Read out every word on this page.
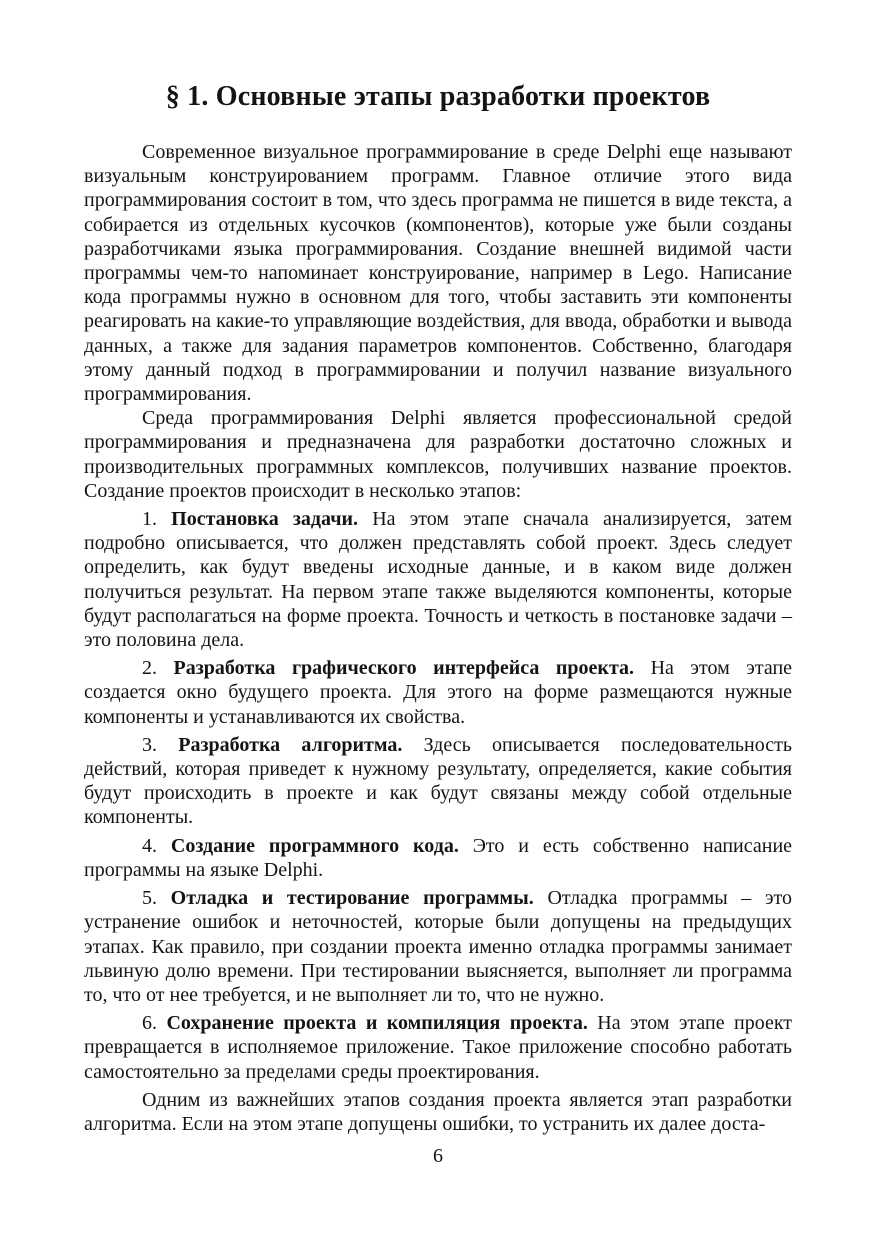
§ 1. Основные этапы разработки проектов

Современное визуальное программирование в среде Delphi еще называют визуальным конструированием программ. Главное отличие этого вида программирования состоит в том, что здесь программа не пишется в виде текста, а собирается из отдельных кусочков (компонентов), которые уже были созданы разработчиками языка программирования. Создание внешней видимой части программы чем-то напоминает конструирование, например в Lego. Написание кода программы нужно в основном для того, чтобы заставить эти компоненты реагировать на какие-то управляющие воздействия, для ввода, обработки и вывода данных, а также для задания параметров компонентов. Собственно, благодаря этому данный подход в программировании и получил название визуального программирования.

Среда программирования Delphi является профессиональной средой программирования и предназначена для разработки достаточно сложных и производительных программных комплексов, получивших название проектов. Создание проектов происходит в несколько этапов:

1. Постановка задачи. На этом этапе сначала анализируется, затем подробно описывается, что должен представлять собой проект. Здесь следует определить, как будут введены исходные данные, и в каком виде должен получиться результат. На первом этапе также выделяются компоненты, которые будут располагаться на форме проекта. Точность и четкость в постановке задачи – это половина дела.

2. Разработка графического интерфейса проекта. На этом этапе создается окно будущего проекта. Для этого на форме размещаются нужные компоненты и устанавливаются их свойства.

3. Разработка алгоритма. Здесь описывается последовательность действий, которая приведет к нужному результату, определяется, какие события будут происходить в проекте и как будут связаны между собой отдельные компоненты.

4. Создание программного кода. Это и есть собственно написание программы на языке Delphi.

5. Отладка и тестирование программы. Отладка программы – это устранение ошибок и неточностей, которые были допущены на предыдущих этапах. Как правило, при создании проекта именно отладка программы занимает львиную долю времени. При тестировании выясняется, выполняет ли программа то, что от нее требуется, и не выполняет ли то, что не нужно.

6. Сохранение проекта и компиляция проекта. На этом этапе проект превращается в исполняемое приложение. Такое приложение способно работать самостоятельно за пределами среды проектирования.

Одним из важнейших этапов создания проекта является этап разработки алгоритма. Если на этом этапе допущены ошибки, то устранить их далее доста-

6
